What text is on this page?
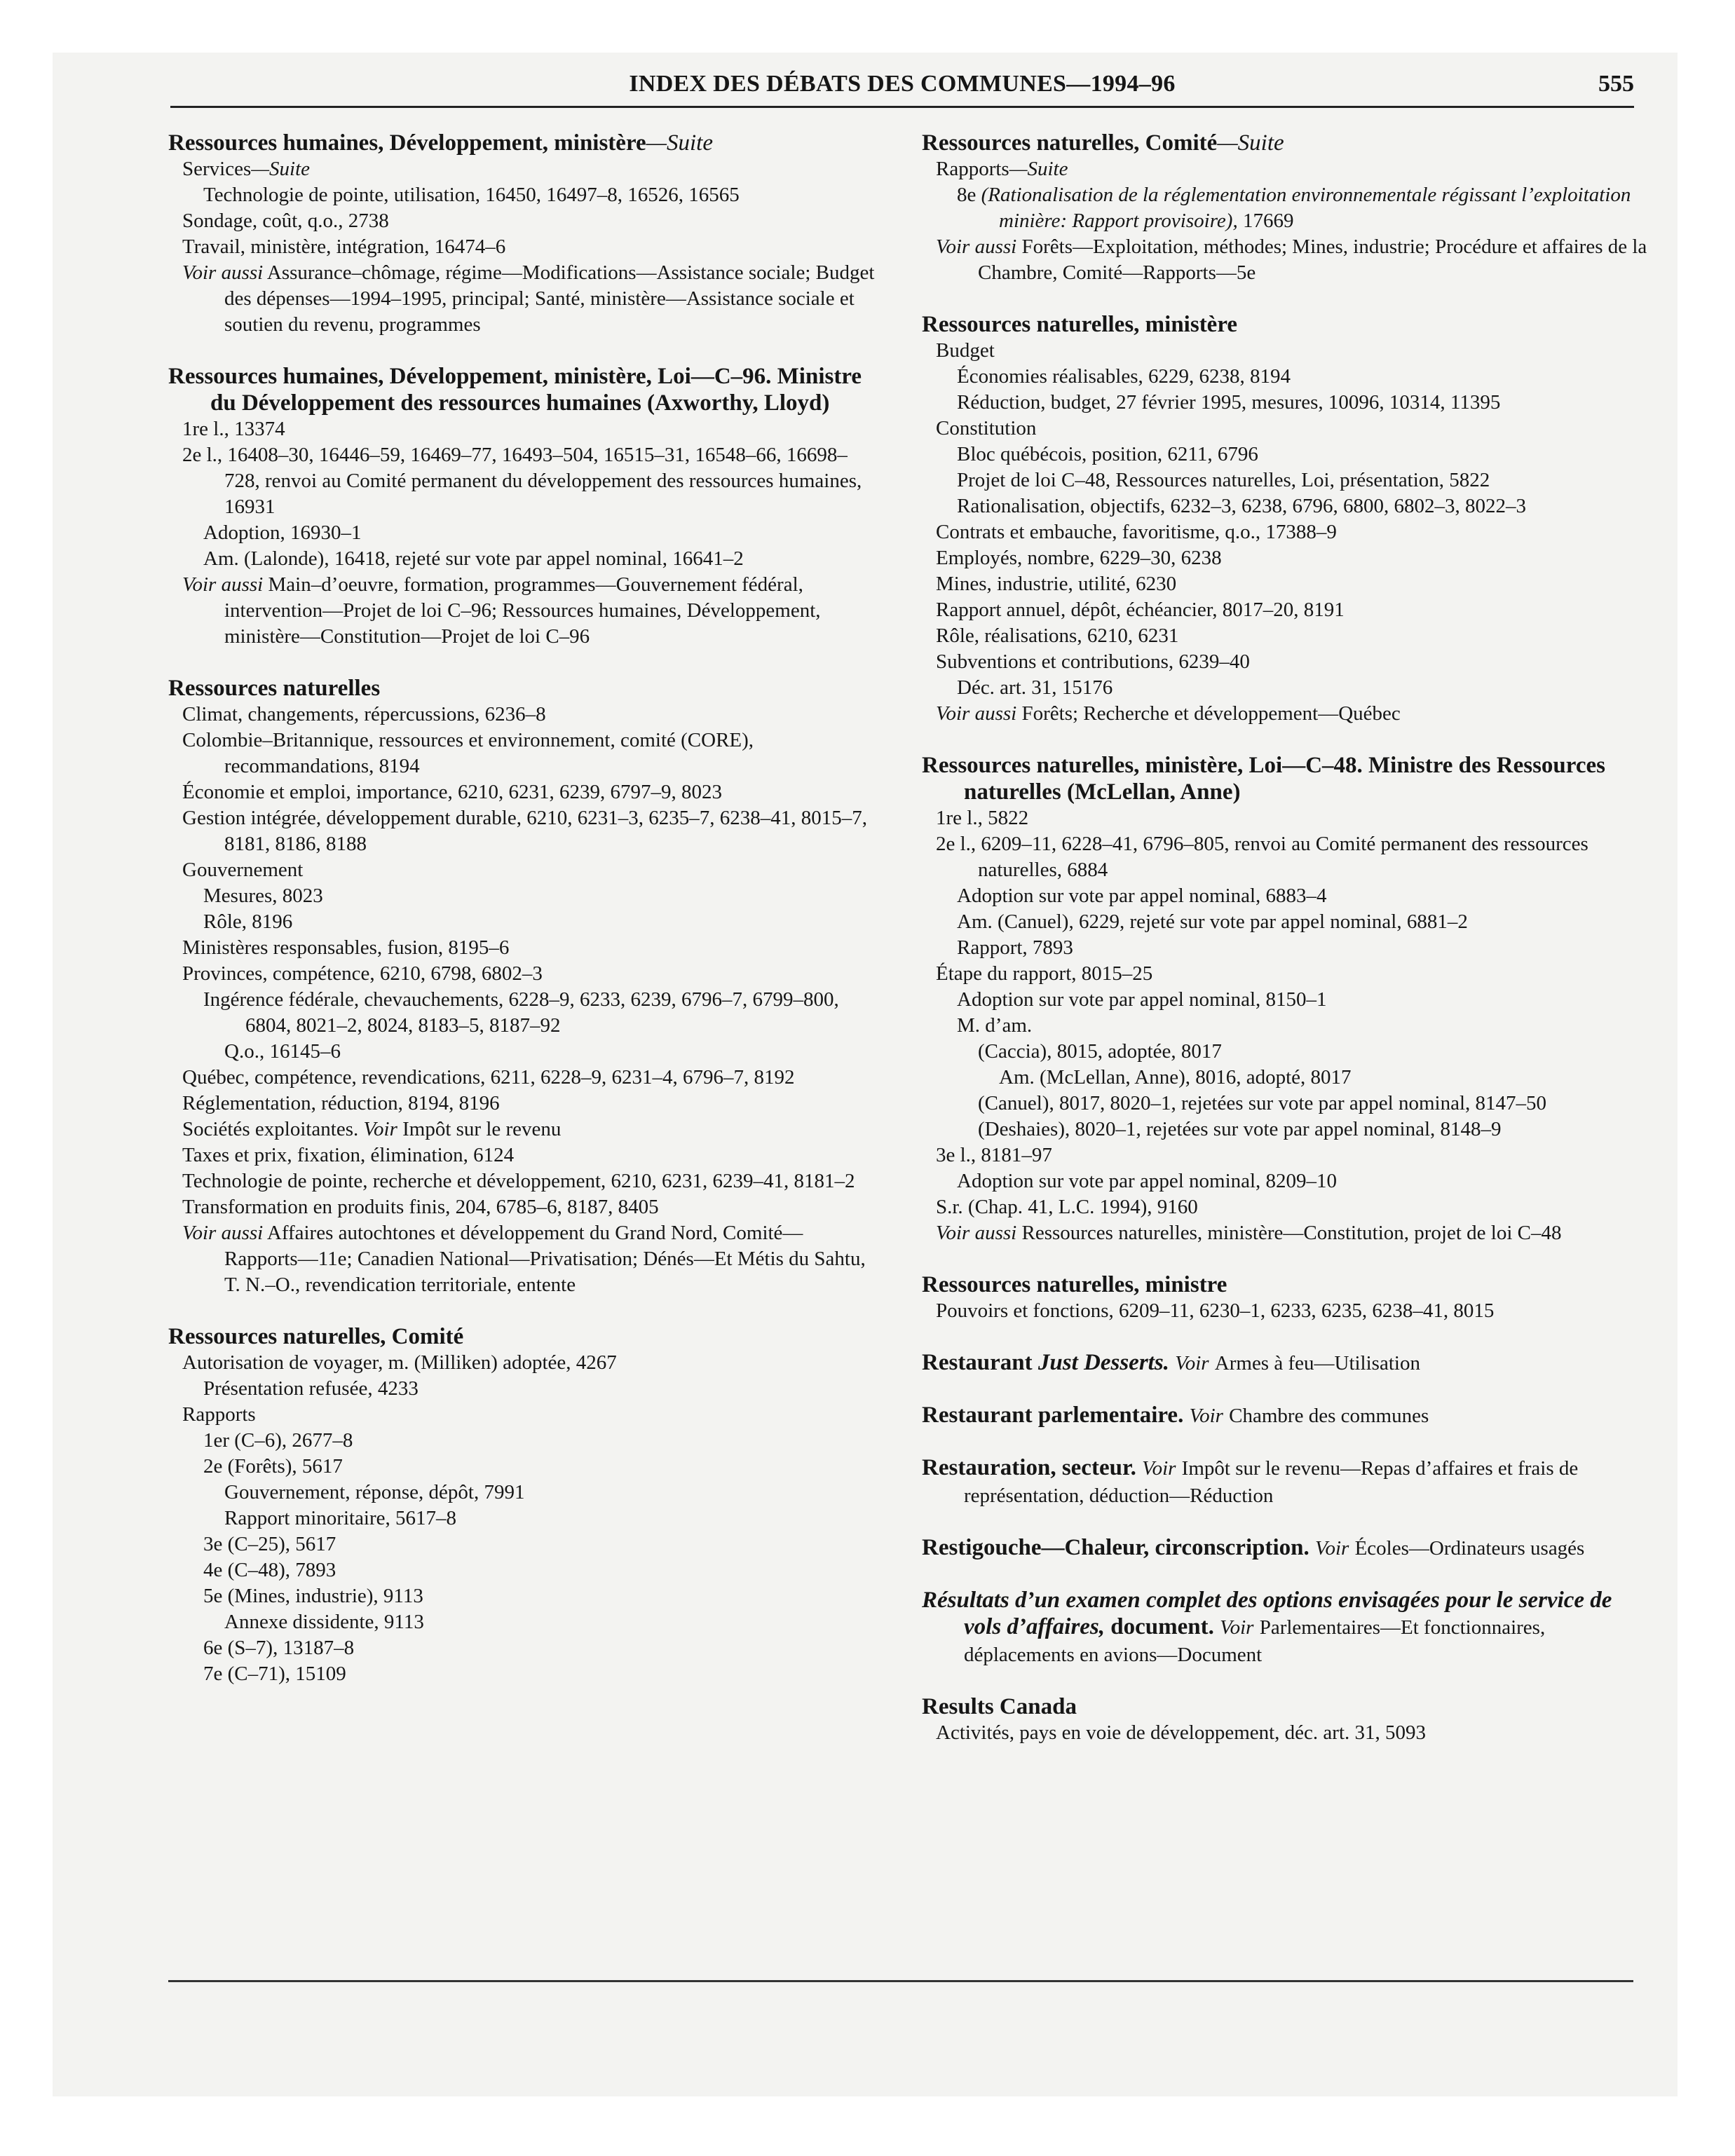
INDEX DES DÉBATS DES COMMUNES—1994–96	555
Ressources humaines, Développement, ministère—Suite
Services—Suite
Technologie de pointe, utilisation, 16450, 16497–8, 16526, 16565
Sondage, coût, q.o., 2738
Travail, ministère, intégration, 16474–6
Voir aussi Assurance–chômage, régime—Modifications—Assistance sociale; Budget des dépenses—1994–1995, principal; Santé, ministère—Assistance sociale et soutien du revenu, programmes
Ressources humaines, Développement, ministère, Loi—C–96. Ministre du Développement des ressources humaines (Axworthy, Lloyd)
1re l., 13374
2e l., 16408–30, 16446–59, 16469–77, 16493–504, 16515–31, 16548–66, 16698–728, renvoi au Comité permanent du développement des ressources humaines, 16931
Adoption, 16930–1
Am. (Lalonde), 16418, rejeté sur vote par appel nominal, 16641–2
Voir aussi Main–d’oeuvre, formation, programmes—Gouvernement fédéral, intervention—Projet de loi C–96; Ressources humaines, Développement, ministère—Constitution—Projet de loi C–96
Ressources naturelles
Climat, changements, répercussions, 6236–8
Colombie–Britannique, ressources et environnement, comité (CORE), recommandations, 8194
Économie et emploi, importance, 6210, 6231, 6239, 6797–9, 8023
Gestion intégrée, développement durable, 6210, 6231–3, 6235–7, 6238–41, 8015–7, 8181, 8186, 8188
Gouvernement
Mesures, 8023
Rôle, 8196
Ministères responsables, fusion, 8195–6
Provinces, compétence, 6210, 6798, 6802–3
Ingérence fédérale, chevauchements, 6228–9, 6233, 6239, 6796–7, 6799–800, 6804, 8021–2, 8024, 8183–5, 8187–92
Q.o., 16145–6
Québec, compétence, revendications, 6211, 6228–9, 6231–4, 6796–7, 8192
Réglementation, réduction, 8194, 8196
Sociétés exploitantes. Voir Impôt sur le revenu
Taxes et prix, fixation, élimination, 6124
Technologie de pointe, recherche et développement, 6210, 6231, 6239–41, 8181–2
Transformation en produits finis, 204, 6785–6, 8187, 8405
Voir aussi Affaires autochtones et développement du Grand Nord, Comité—Rapports—11e; Canadien National—Privatisation; Dénés—Et Métis du Sahtu, T. N.–O., revendication territoriale, entente
Ressources naturelles, Comité
Autorisation de voyager, m. (Milliken) adoptée, 4267
Présentation refusée, 4233
Rapports
1er (C–6), 2677–8
2e (Forêts), 5617
Gouvernement, réponse, dépôt, 7991
Rapport minoritaire, 5617–8
3e (C–25), 5617
4e (C–48), 7893
5e (Mines, industrie), 9113
Annexe dissidente, 9113
6e (S–7), 13187–8
7e (C–71), 15109
Ressources naturelles, Comité—Suite
Rapports—Suite
8e (Rationalisation de la réglementation environnementale régissant l’exploitation minière: Rapport provisoire), 17669
Voir aussi Forêts—Exploitation, méthodes; Mines, industrie; Procédure et affaires de la Chambre, Comité—Rapports—5e
Ressources naturelles, ministère
Budget
Économies réalisables, 6229, 6238, 8194
Réduction, budget, 27 février 1995, mesures, 10096, 10314, 11395
Constitution
Bloc québécois, position, 6211, 6796
Projet de loi C–48, Ressources naturelles, Loi, présentation, 5822
Rationalisation, objectifs, 6232–3, 6238, 6796, 6800, 6802–3, 8022–3
Contrats et embauche, favoritisme, q.o., 17388–9
Employés, nombre, 6229–30, 6238
Mines, industrie, utilité, 6230
Rapport annuel, dépôt, échéancier, 8017–20, 8191
Rôle, réalisations, 6210, 6231
Subventions et contributions, 6239–40
Déc. art. 31, 15176
Voir aussi Forêts; Recherche et développement—Québec
Ressources naturelles, ministère, Loi—C–48. Ministre des Ressources naturelles (McLellan, Anne)
1re l., 5822
2e l., 6209–11, 6228–41, 6796–805, renvoi au Comité permanent des ressources naturelles, 6884
Adoption sur vote par appel nominal, 6883–4
Am. (Canuel), 6229, rejeté sur vote par appel nominal, 6881–2
Rapport, 7893
Étape du rapport, 8015–25
Adoption sur vote par appel nominal, 8150–1
M. d’am.
(Caccia), 8015, adoptée, 8017
Am. (McLellan, Anne), 8016, adopté, 8017
(Canuel), 8017, 8020–1, rejetées sur vote par appel nominal, 8147–50
(Deshaies), 8020–1, rejetées sur vote par appel nominal, 8148–9
3e l., 8181–97
Adoption sur vote par appel nominal, 8209–10
S.r. (Chap. 41, L.C. 1994), 9160
Voir aussi Ressources naturelles, ministère—Constitution, projet de loi C–48
Ressources naturelles, ministre
Pouvoirs et fonctions, 6209–11, 6230–1, 6233, 6235, 6238–41, 8015
Restaurant Just Desserts. Voir Armes à feu—Utilisation
Restaurant parlementaire. Voir Chambre des communes
Restauration, secteur. Voir Impôt sur le revenu—Repas d’affaires et frais de représentation, déduction—Réduction
Restigouche—Chaleur, circonscription. Voir Écoles—Ordinateurs usagés
Résultats d’un examen complet des options envisagées pour le service de vols d’affaires, document. Voir Parlementaires—Et fonctionnaires, déplacements en avions—Document
Results Canada
Activités, pays en voie de développement, déc. art. 31, 5093
